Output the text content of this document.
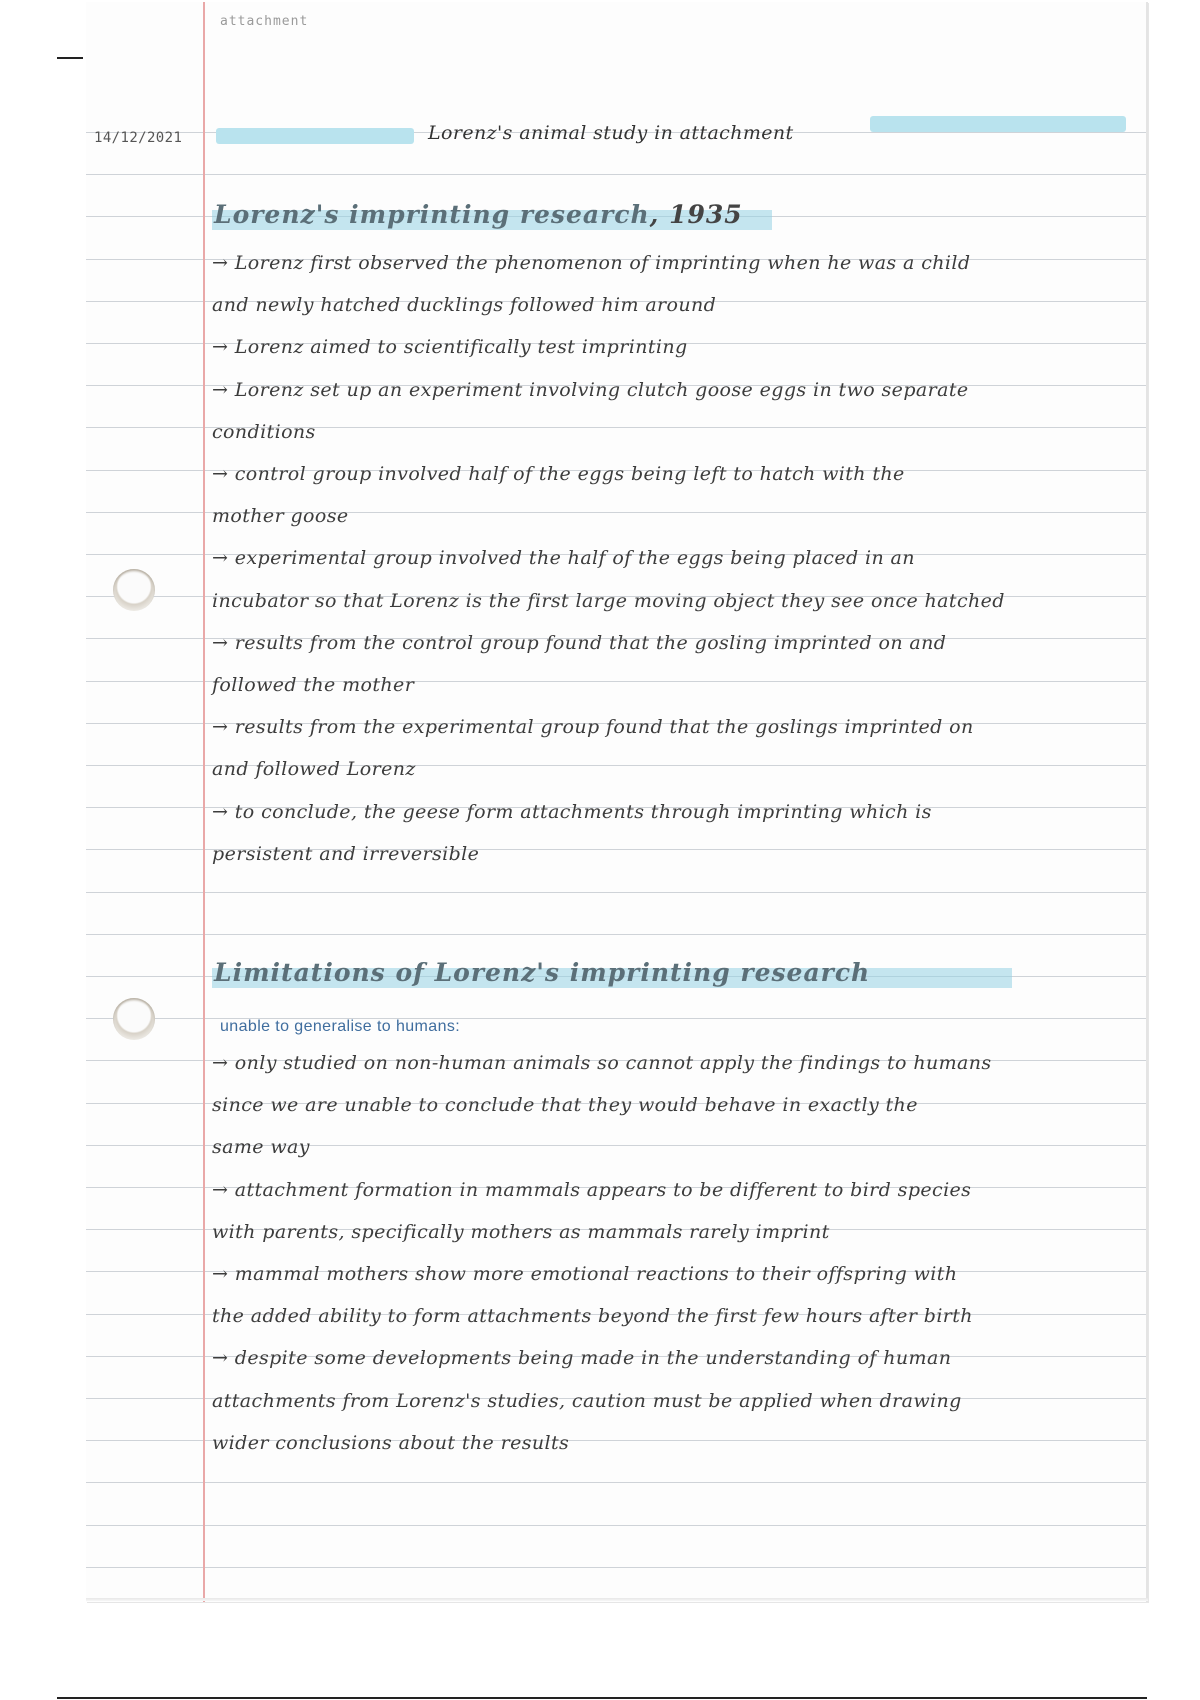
attachment
14/12/2021	Lorenz's animal study in attachment
Lorenz's imprinting research, 1935
→ Lorenz first observed the phenomenon of imprinting when he was a child
and newly hatched ducklings followed him around
→ Lorenz aimed to scientifically test imprinting
→ Lorenz set up an experiment involving clutch goose eggs in two separate
conditions
→ control group involved half of the eggs being left to hatch with the
mother goose
→ experimental group involved the half of the eggs being placed in an
incubator so that Lorenz is the first large moving object they see once hatched
→ results from the control group found that the gosling imprinted on and
followed the mother
→ results from the experimental group found that the goslings imprinted on
and followed Lorenz
→ to conclude, the geese form attachments through imprinting which is
persistent and irreversible
Limitations of Lorenz's imprinting research
unable to generalise to humans:
→ only studied on non-human animals so cannot apply the findings to humans
since we are unable to conclude that they would behave in exactly the
same way
→ attachment formation in mammals appears to be different to bird species
with parents, specifically mothers as mammals rarely imprint
→ mammal mothers show more emotional reactions to their offspring with
the added ability to form attachments beyond the first few hours after birth
→ despite some developments being made in the understanding of human
attachments from Lorenz's studies, caution must be applied when drawing
wider conclusions about the results
